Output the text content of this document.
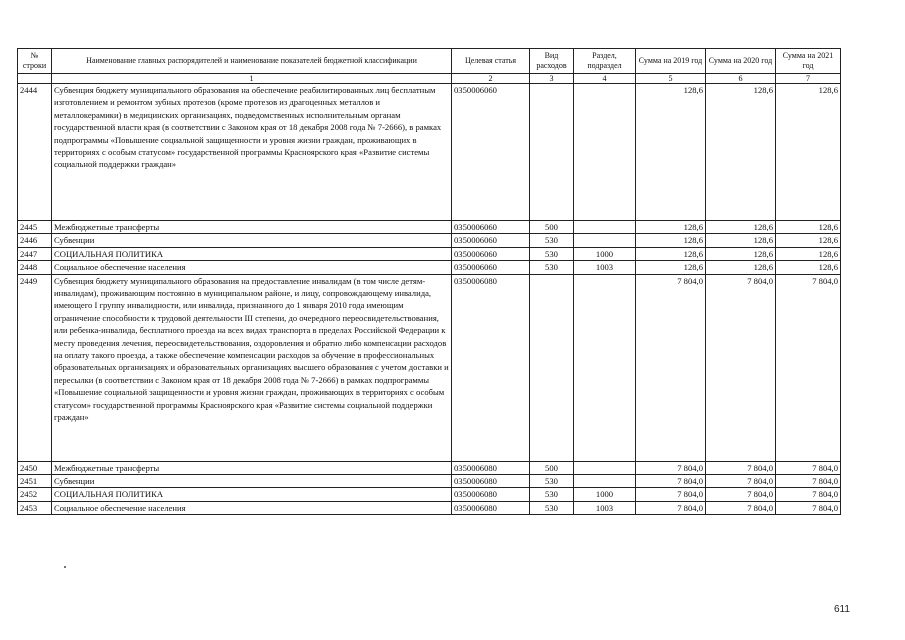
№ строки	Наименование главных распорядителей и наименование показателей бюджетной классификации	Целевая статья	Вид расходов	Раздел, подраздел	Сумма на 2019 год	Сумма на 2020 год	Сумма на 2021 год
	1	2	3	4	5	6	7
2444	Субвенция бюджету муниципального образования на обеспечение реабилитированных лиц бесплатным изготовлением и ремонтом зубных протезов (кроме протезов из драгоценных металлов и металлокерамики) в медицинских организациях, подведомственных исполнительным органам государственной власти края (в соответствии с Законом края от 18 декабря 2008 года № 7-2666), в рамках подпрограммы «Повышение социальной защищенности и уровня жизни граждан, проживающих в территориях с особым статусом» государственной программы Красноярского края «Развитие системы социальной поддержки граждан»	0350006060			128,6	128,6	128,6
2445	Межбюджетные трансферты	0350006060	500		128,6	128,6	128,6
2446	Субвенции	0350006060	530		128,6	128,6	128,6
2447	СОЦИАЛЬНАЯ ПОЛИТИКА	0350006060	530	1000	128,6	128,6	128,6
2448	Социальное обеспечение населения	0350006060	530	1003	128,6	128,6	128,6
2449	Субвенция бюджету муниципального образования на предоставление инвалидам (в том числе детям-инвалидам), проживающим постоянно в муниципальном районе, и лицу, сопровождающему инвалида, имеющего I группу инвалидности, или инвалида, признанного до 1 января 2010 года имеющим ограничение способности к трудовой деятельности III степени, до очередного переосвидетельствования, или ребенка-инвалида, бесплатного проезда на всех видах транспорта в пределах Российской Федерации к месту проведения лечения, переосвидетельствования, оздоровления и обратно либо компенсации расходов на оплату такого проезда, а также обеспечение компенсации расходов за обучение в профессиональных образовательных организациях и образовательных организациях высшего образования с учетом доставки и пересылки (в соответствии с Законом края от 18 декабря 2008 года № 7-2666) в рамках подпрограммы «Повышение социальной защищенности и уровня жизни граждан, проживающих в территориях с особым статусом» государственной программы Красноярского края «Развитие системы социальной поддержки граждан»	0350006080			7 804,0	7 804,0	7 804,0
2450	Межбюджетные трансферты	0350006080	500		7 804,0	7 804,0	7 804,0
2451	Субвенции	0350006080	530		7 804,0	7 804,0	7 804,0
2452	СОЦИАЛЬНАЯ ПОЛИТИКА	0350006080	530	1000	7 804,0	7 804,0	7 804,0
2453	Социальное обеспечение населения	0350006080	530	1003	7 804,0	7 804,0	7 804,0
611
